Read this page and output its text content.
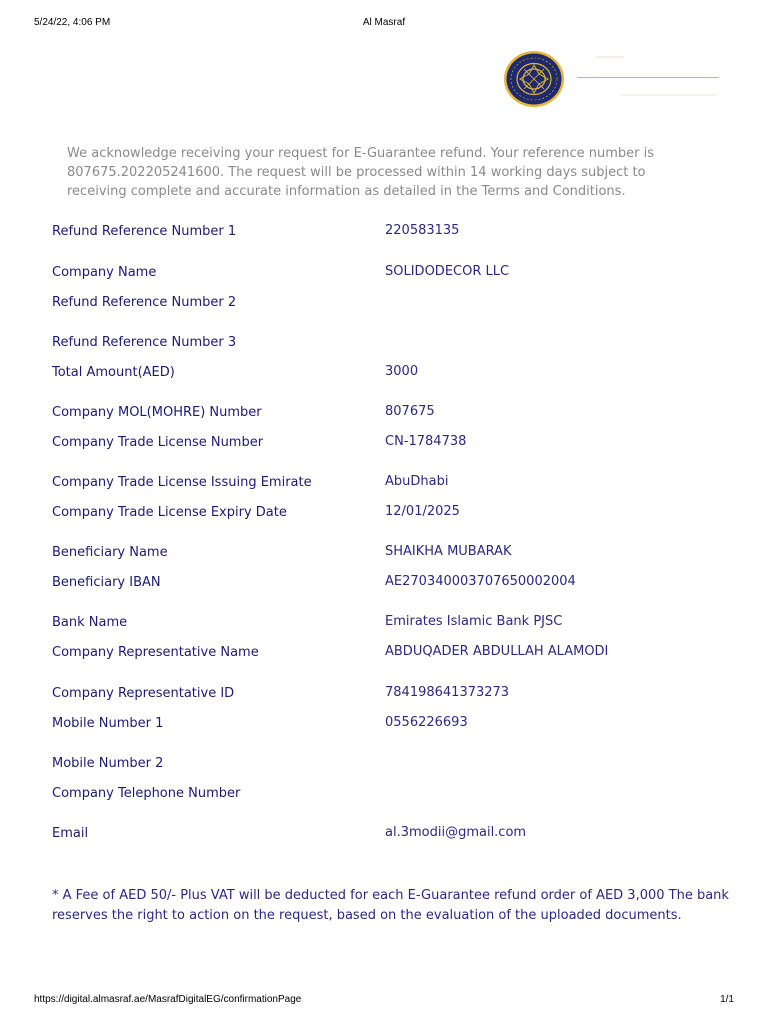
5/24/22, 4:06 PM	Al Masraf
We acknowledge receiving your request for E-Guarantee refund. Your reference number is 807675.202205241600. The request will be processed within 14 working days subject to receiving complete and accurate information as detailed in the Terms and Conditions.
Refund Reference Number 1	220583135
Company Name	SOLIDODECOR LLC
Refund Reference Number 2
Refund Reference Number 3
Total Amount(AED)	3000
Company MOL(MOHRE) Number	807675
Company Trade License Number	CN-1784738
Company Trade License Issuing Emirate	AbuDhabi
Company Trade License Expiry Date	12/01/2025
Beneficiary Name	SHAIKHA MUBARAK
Beneficiary IBAN	AE270340003707650002004
Bank Name	Emirates Islamic Bank PJSC
Company Representative Name	ABDUQADER ABDULLAH ALAMODI
Company Representative ID	784198641373273
Mobile Number 1	0556226693
Mobile Number 2
Company Telephone Number
Email	al.3modii@gmail.com
* A Fee of AED 50/- Plus VAT will be deducted for each E-Guarantee refund order of AED 3,000 The bank reserves the right to action on the request, based on the evaluation of the uploaded documents.
https://digital.almasraf.ae/MasrafDigitalEG/confirmationPage	1/1
